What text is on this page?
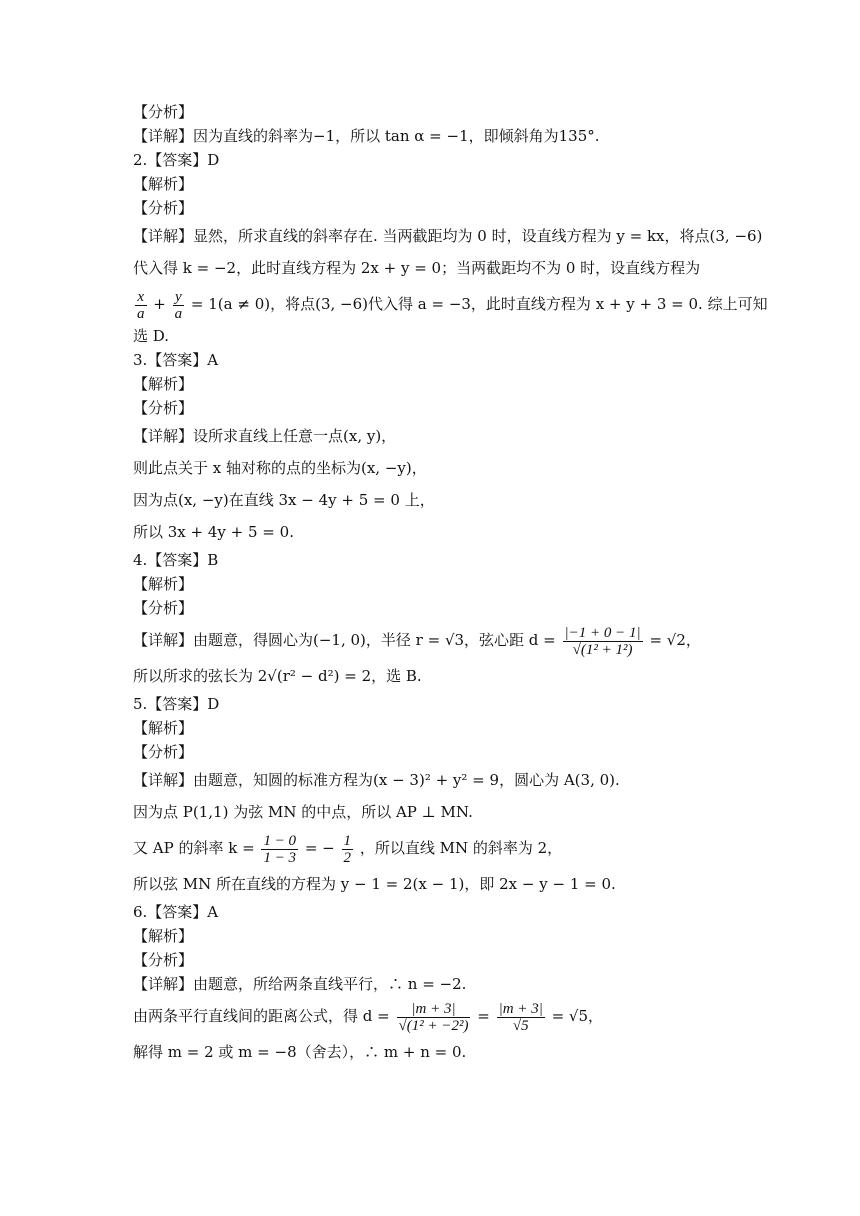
【分析】
【详解】因为直线的斜率为−1，所以 tan α = −1，即倾斜角为135°.
2.【答案】D
【解析】
【分析】
【详解】显然，所求直线的斜率存在. 当两截距均为 0 时，设直线方程为 y = kx，将点(3, −6)
代入得 k = −2，此时直线方程为 2x + y = 0；当两截距均不为 0 时，设直线方程为
$\frac{x}{a} + \frac{y}{a} = 1(a \ne 0)$，将点(3, −6)代入得 a = −3，此时直线方程为 x + y + 3 = 0. 综上可知
选 D.
3.【答案】A
【解析】
【分析】
【详解】设所求直线上任意一点(x, y)，
则此点关于 x 轴对称的点的坐标为(x, −y)，
因为点(x, −y)在直线 3x − 4y + 5 = 0 上，
所以 3x + 4y + 5 = 0.
4.【答案】B
【解析】
【分析】
【详解】由题意，得圆心为(−1, 0)，半径 r = √3，弦心距 $d = \frac{|-1 + 0 - 1|}{\text{√(1² + 1²)}} = √2$，
所以所求的弦长为 2√(r² − d²) = 2，选 B.
5.【答案】D
【解析】
【分析】
【详解】由题意，知圆的标准方程为(x − 3)² + y² = 9，圆心为 A(3, 0).
因为点 P(1,1) 为弦 MN 的中点，所以 AP ⊥ MN.
又 AP 的斜率 $k = \frac{1 - 0}{1 - 3}$ = − $\frac{1}{2}$ ，所以直线 MN 的斜率为 2，
所以弦 MN 所在直线的方程为 y − 1 = 2(x − 1)，即 2x − y − 1 = 0.
6.【答案】A
【解析】
【分析】
【详解】由题意，所给两条直线平行，∴ n = −2.
由两条平行直线间的距离公式，得 $d = \frac{|m + 3|}{\text{√(1² + −2²)}} = \frac{|m + 3|}{√5} = √5$，
解得 m = 2 或 m = −8（舍去），∴ m + n = 0.
